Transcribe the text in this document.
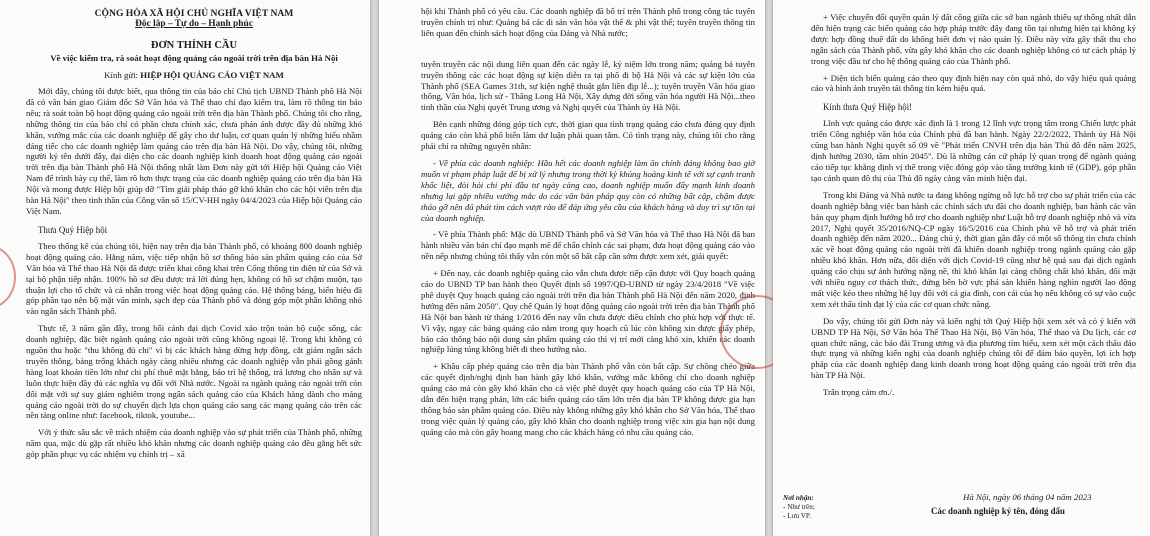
CỘNG HÒA XÃ HỘI CHỦ NGHĨA VIỆT NAM
Độc lập – Tự do – Hạnh phúc
ĐƠN THỈNH CẦU
Về việc kiểm tra, rà soát hoạt động quảng cáo ngoài trời trên địa bàn Hà Nội
Kính gửi: HIỆP HỘI QUẢNG CÁO VIỆT NAM

Mới đây, chúng tôi được biết, qua thông tin của báo chí Chủ tịch UBND Thành phố Hà Nội đã có văn bản giao Giám đốc Sở Văn hóa và Thể thao chỉ đạo kiểm tra, làm rõ thông tin báo nêu; rà soát toàn bộ hoạt động quảng cáo ngoài trời trên địa bàn Thành phố. Chúng tôi cho rằng, những thông tin của báo chí có phần chưa chính xác, chưa phản ánh được đầy đủ những khó khăn, vướng mắc của các doanh nghiệp để gây cho dư luận, cơ quan quản lý những hiểu nhầm đáng tiếc cho các doanh nghiệp làm quảng cáo trên địa bàn Hà Nội. Do vậy, chúng tôi, những người ký tên dưới đây, đại diện cho các doanh nghiệp kinh doanh hoạt động quảng cáo ngoài trời trên địa bàn Thành phố Hà Nội thống nhất làm Đơn này gửi tới Hiệp hội Quảng cáo Việt Nam để trình bày cụ thể, làm rõ hơn thực trạng của các doanh nghiệp quảng cáo trên địa bàn Hà Nội và mong được Hiệp hội giúp đỡ "Tìm giải pháp tháo gỡ khó khăn cho các hội viên trên địa bàn Hà Nội" theo tinh thần của Công văn số 15/CV-HH ngày 04/4/2023 của Hiệp hội Quảng cáo Việt Nam.

Thưa Quý Hiệp hội

Theo thống kê của chúng tôi, hiện nay trên địa bàn Thành phố, có khoảng 800 doanh nghiệp hoạt động quảng cáo. Hằng năm, việc tiếp nhận hồ sơ thông báo sản phẩm quảng cáo của Sở Văn hóa và Thể thao Hà Nội đã được triển khai công khai trên Cổng thông tin điện tử của Sở và tại bộ phận tiếp nhận. 100% hồ sơ đều được trả lời đúng hẹn, không có hồ sơ chậm muộn, tạo thuận lợi cho tổ chức và cá nhân trong việc hoạt động quảng cáo. Hệ thống bảng, biển hiệu đã góp phần tạo nên bộ mặt văn minh, sạch đẹp của Thành phố và đóng góp một phần không nhỏ vào ngân sách Thành phố.

Thực tế, 3 năm gần đây, trong bối cảnh đại dịch Covid xảo trộn toàn bộ cuộc sống, các doanh nghiệp, đặc biệt ngành quảng cáo ngoài trời cũng không ngoại lệ. Trong khi không có nguồn thu hoặc "thu không đủ chi" vì bị các khách hàng dừng hợp đồng, cắt giảm ngân sách truyền thông, bảng trống khách ngày càng nhiều nhưng các doanh nghiệp vẫn phải gồng gánh hàng loạt khoản tiền lớn như chi phí thuê mặt bằng, bảo trì hệ thống, trả lương cho nhân sự và luôn thực hiện đầy đủ các nghĩa vụ đối với Nhà nước. Ngoài ra ngành quảng cáo ngoài trời còn đối mặt với sự suy giảm nghiêm trọng ngân sách quảng cáo của Khách hàng dành cho mảng quảng cáo ngoài trời do sự chuyển dịch lựa chọn quảng cáo sang các mạng quảng cáo trên các nền tảng online như: facebook, tiktok, youtube...

Với ý thức sâu sắc về trách nhiệm của doanh nghiệp vào sự phát triển của Thành phố, những năm qua, mặc dù gặp rất nhiều khó khăn nhưng các doanh nghiệp quảng cáo đều gắng hết sức góp phần phục vụ các nhiệm vụ chính trị – xã

hội khi Thành phố có yêu cầu. Các doanh nghiệp đã bố trí trên Thành phố trong công tác tuyên truyền chính trị như: Quảng bá các di sản văn hóa vật thể & phi vật thể; tuyên truyền thông tin liên quan đến chính sách hoạt động của Đảng và Nhà nước;

tuyên truyền các nội dung liên quan đến các ngày lễ, kỷ niệm lớn trong năm; quảng bá tuyên truyền thông các các hoạt động sự kiện diễn ra tại phố đi bộ Hà Nội và các sự kiện lớn của Thành phố (SEA Games 31th, sự kiện nghệ thuật gắn liền địp lễ...); tuyên truyền Văn hóa giao thông, Văn hóa, lịch sử - Thăng Long Hà Nội, Xây dựng đời sống văn hóa người Hà Nội...theo tinh thần của Nghị quyết Trung ương và Nghị quyết của Thành ủy Hà Nội.

Bên cạnh những đóng góp tích cực, thời gian qua tình trạng quảng cáo chưa đúng quy định quảng cáo còn khá phổ biến làm dư luận phải quan tâm. Có tình trạng này, chúng tôi cho rằng phải chỉ ra những nguyên nhân:

- Về phía các doanh nghiệp: Hầu hết các doanh nghiệp làm ăn chính đáng không bao giờ muốn vi phạm pháp luật để bị xử lý nhưng trong thời kỳ khủng hoảng kinh tế với sự cạnh tranh khốc liệt, đòi hỏi chi phí đầu tư ngày càng cao, doanh nghiệp muốn đẩy mạnh kinh doanh nhưng lại gặp nhiều vướng mắc do các văn bản pháp quy còn có những bất cập, chậm được tháo gỡ nên đã phát tìm cách vượt rào để đáp ứng yêu cầu của khách hàng và duy trì sự tồn tại của doanh nghiệp.

- Về phía Thành phố: Mặc dù UBND Thành phố và Sở Văn hóa và Thể thao Hà Nội đã ban hành nhiều văn bản chỉ đạo mạnh mẽ để chấn chỉnh các sai phạm, đưa hoạt động quảng cáo vào nền nếp nhưng chúng tôi thấy vẫn còn một số bất cập cần sớm được xem xét, giải quyết:

+ Đến nay, các doanh nghiệp quảng cáo vẫn chưa được tiếp cận được với Quy hoạch quảng cáo do UBND TP ban hành theo Quyết định số 1997/QĐ-UBND từ ngày 23/4/2018 "Về việc phê duyệt Quy hoạch quảng cáo ngoài trời trên địa bàn Thành phố Hà Nội đến năm 2020, định hướng đến năm 2050". Quy chế Quản lý hoạt động quảng cáo ngoài trời trên địa bàn Thành phố Hà Nội ban hành từ tháng 1/2016 đến nay vẫn chưa được điều chỉnh cho phù hợp với thực tế. Vì vậy, ngay các bảng quảng cáo nằm trong quy hoạch cũ lúc còn không xin được giấy phép, báo cáo thông báo nội dung sản phẩm quảng cáo thì vị trí mới càng khó xin, khiến các doanh nghiệp lúng túng không biết đi theo hướng nào.

+ Khâu cấp phép quảng cáo trên địa bàn Thành phố vẫn còn bất cập. Sự chồng chéo giữa các quyết định/nghị định ban hành gây khó khăn, vướng mắc không chỉ cho doanh nghiệp quảng cáo mà còn gây khó khăn cho cả việc phê duyệt quy hoạch quảng cáo của TP Hà Nội, dẫn đến hiện trạng phản, lớn các biển quảng cáo tấm lớn trên địa bàn TP không được gia hạn thông báo sản phẩm quảng cáo. Điều này không những gây khó khăn cho Sở Văn hóa, Thể thao trong việc quản lý quảng cáo, gây khó khăn cho doanh nghiệp trong việc xin gia hạn nội dung quảng cáo mà còn gây hoang mang cho các khách hàng có nhu cầu quảng cáo.

+ Việc chuyển đổi quyền quản lý đất công giữa các sở ban ngành thiếu sự thống nhất dẫn đến hiện trạng các biển quảng cáo hợp pháp trước đây đang tồn tại nhưng hiện tại không ký được hợp đồng thuê đất do không biết đơn vị nào quản lý. Điều này vừa gây thất thu cho ngân sách của Thành phố, vừa gây khó khăn cho các doanh nghiệp không có tư cách pháp lý trong việc đầu tư cho hệ thống quảng cáo của Thành phố.

+ Diện tích biển quảng cáo theo quy định hiện nay còn quá nhỏ, do vậy hiệu quả quảng cáo và hình ảnh truyền tải thông tin kém hiệu quả.

Kính thưa Quý Hiệp hội!

Lĩnh vực quảng cáo được xác định là 1 trong 12 lĩnh vực trọng tâm trong Chiến lược phát triển Công nghiệp văn hóa của Chính phủ đã ban hành. Ngày 22/2/2022, Thành ủy Hà Nội cũng ban hành Nghị quyết số 09 về "Phát triển CNVH trên địa bàn Thủ đô đến năm 2025, định hướng 2030, tầm nhìn 2045". Dù là những cản cứ pháp lý quan trọng để ngành quảng cáo tiếp tục khẳng định vị thế trong việc đóng góp vào tăng trưởng kinh tế (GDP), góp phần tạo cảnh quan đô thị của Thủ đô ngày càng văn minh hiện đại.

Trong khi Đảng và Nhà nước ta đang không ngừng nỗ lực hỗ trợ cho sự phát triển của các doanh nghiệp bằng việc ban hành các chính sách ưu đãi cho doanh nghiệp, ban hành các văn bản quy phạm định hướng hỗ trợ cho doanh nghiệp như Luật hỗ trợ doanh nghiệp nhỏ và vừa 2017, Nghị quyết 35/2016/NQ-CP ngày 16/5/2016 của Chính phủ về hỗ trợ và phát triển doanh nghiệp đến năm 2020... Đáng chú ý, thời gian gần đây có một số thông tin chưa chính xác về hoạt động quảng cáo ngoài trời đã khiến doanh nghiệp trong ngành quảng cáo gặp nhiều khó khăn. Hơn nữa, đối diện với dịch Covid-19 cũng như hệ quả sau đại dịch ngành quảng cáo chịu sự ảnh hưởng nặng nề, thì khó khăn lại càng chồng chất khó khăn, đối mặt với nhiều nguy cơ thách thức, đứng bên bờ vực phá sản khiến hàng nghìn người lao động mất việc kéo theo những hệ lụy đối với cả gia đình, con cái của họ nếu không có sự vào cuộc xem xét thấu tình đạt lý của các cơ quan chức năng.

Do vậy, chúng tôi gửi Đơn này và kiến nghị tới Quý Hiệp hội xem xét và có ý kiến với UBND TP Hà Nội, Sở Văn hóa Thể Thao Hà Nội, Bộ Văn hóa, Thể thao và Du lịch, các cơ quan chức năng, các báo đài Trung ương và địa phương tìm hiểu, xem xét một cách thấu đáo thực trạng và những kiến nghị của doanh nghiệp chúng tôi để đảm bảo quyền, lợi ích hợp pháp của các doanh nghiệp đang kinh doanh trong hoạt động quảng cáo ngoài trời trên địa bàn TP Hà Nội.

Trân trọng cảm ơn./.

Nơi nhận:
- Như trên;
- Lưu VP.
Hà Nội, ngày 06 tháng 04 năm 2023
Các doanh nghiệp ký tên, đóng dấu
